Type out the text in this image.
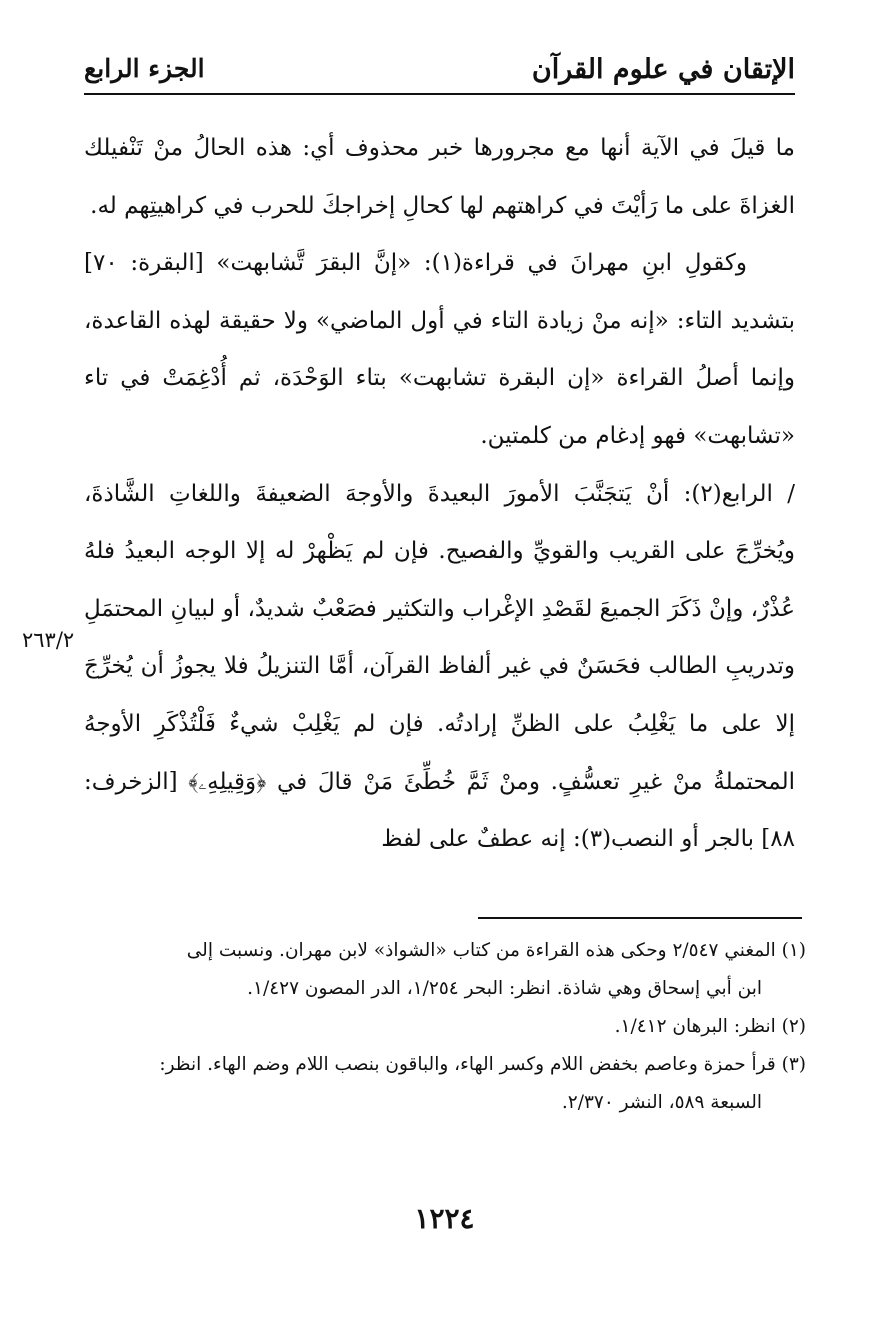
الإتقان في علوم القرآن
الجزء الرابع

ما قيلَ في الآية أنها مع مجرورها خبر محذوف أي: هذه الحالُ منْ تَنْفيلك الغزاةَ على ما رَأيْتَ في كراهتهم لها كحالِ إخراجكَ للحرب في كراهيتِهم له.

وكقولِ ابنِ مهرانَ في قراءة(١): «إنَّ البقرَ تَّشابهت» [البقرة: ٧٠] بتشديد التاء: «إنه منْ زيادة التاء في أول الماضي» ولا حقيقة لهذه القاعدة، وإنما أصلُ القراءة «إن البقرة تشابهت» بتاء الوَحْدَة، ثم أُدْغِمَتْ في تاء «تشابهت» فهو إدغام من كلمتين.

/ الرابع(٢): أنْ يَتجَنَّبَ الأمورَ البعيدةَ والأوجهَ الضعيفةَ واللغاتِ الشَّاذةَ، ويُخرِّجَ على القريب والقويِّ والفصيح. فإن لم يَظْهرْ له إلا الوجه البعيدُ فلهُ عُذْرٌ، وإنْ ذَكَرَ الجميعَ لقَصْدِ الإغْراب والتكثير فصَعْبٌ شديدٌ، أو لبيانِ المحتمَلِ وتدريبِ الطالب فحَسَنٌ في غير ألفاظ القرآن، أمَّا التنزيلُ فلا يجوزُ أن يُخرِّجَ إلا على ما يَغْلِبُ على الظنِّ إرادتُه. فإن لم يَغْلِبْ شيءٌ فَلْتُذْكَرِ الأوجهُ المحتملةُ منْ غيرِ تعسُّفٍ. ومنْ ثَمَّ خُطِّئَ مَنْ قالَ في ﴿وَقِيلِهِۦ﴾ [الزخرف: ٨٨] بالجر أو النصب(٣): إنه عطفٌ على لفظ

٢٦٣/٢

(١) المغني ٢/٥٤٧ وحكى هذه القراءة من كتاب «الشواذ» لابن مهران. ونسبت إلى

ابن أبي إسحاق وهي شاذة. انظر: البحر ١/٢٥٤، الدر المصون ١/٤٢٧.

(٢) انظر: البرهان ١/٤١٢.

(٣) قرأ حمزة وعاصم بخفض اللام وكسر الهاء، والباقون بنصب اللام وضم الهاء. انظر:

السبعة ٥٨٩، النشر ٢/٣٧٠.

١٢٢٤
